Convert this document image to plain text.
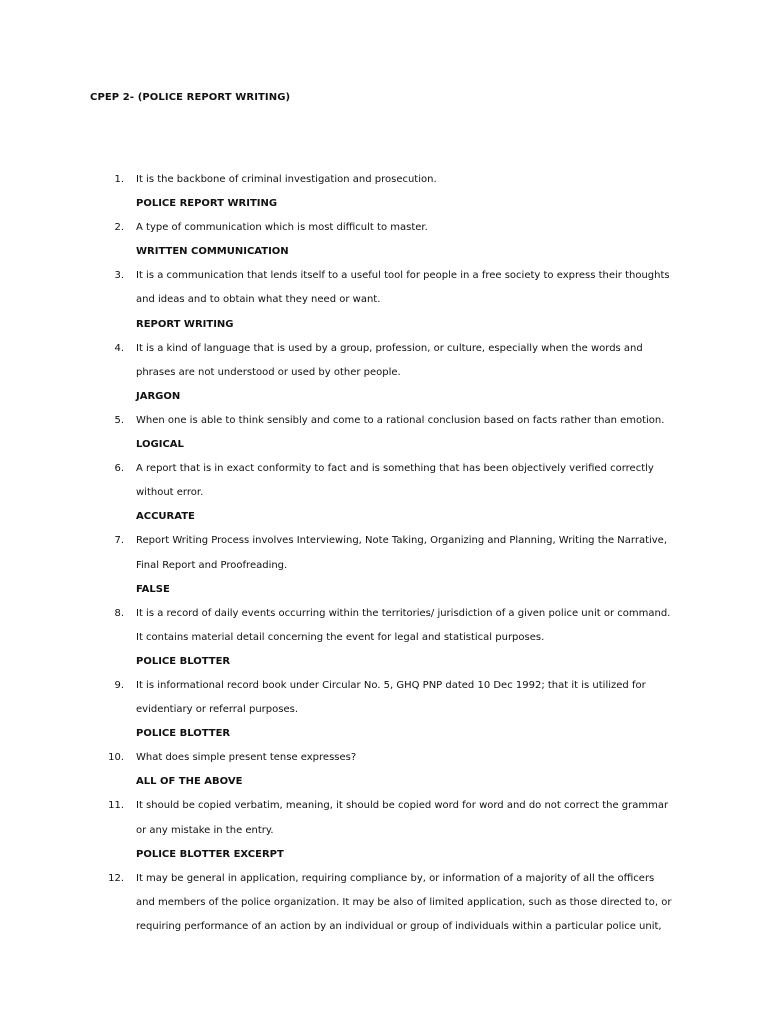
CPEP 2- (POLICE REPORT WRITING)
1. It is the backbone of criminal investigation and prosecution.
POLICE REPORT WRITING
2. A type of communication which is most difficult to master.
WRITTEN COMMUNICATION
3. It is a communication that lends itself to a useful tool for people in a free society to express their thoughts
and ideas and to obtain what they need or want.
REPORT WRITING
4. It is a kind of language that is used by a group, profession, or culture, especially when the words and
phrases are not understood or used by other people.
JARGON
5. When one is able to think sensibly and come to a rational conclusion based on facts rather than emotion.
LOGICAL
6. A report that is in exact conformity to fact and is something that has been objectively verified correctly
without error.
ACCURATE
7. Report Writing Process involves Interviewing, Note Taking, Organizing and Planning, Writing the Narrative,
Final Report and Proofreading.
FALSE
8. It is a record of daily events occurring within the territories/ jurisdiction of a given police unit or command.
It contains material detail concerning the event for legal and statistical purposes.
POLICE BLOTTER
9. It is informational record book under Circular No. 5, GHQ PNP dated 10 Dec 1992; that it is utilized for
evidentiary or referral purposes.
POLICE BLOTTER
10. What does simple present tense expresses?
ALL OF THE ABOVE
11. It should be copied verbatim, meaning, it should be copied word for word and do not correct the grammar
or any mistake in the entry.
POLICE BLOTTER EXCERPT
12. It may be general in application, requiring compliance by, or information of a majority of all the officers
and members of the police organization. It may be also of limited application, such as those directed to, or
requiring performance of an action by an individual or group of individuals within a particular police unit,
